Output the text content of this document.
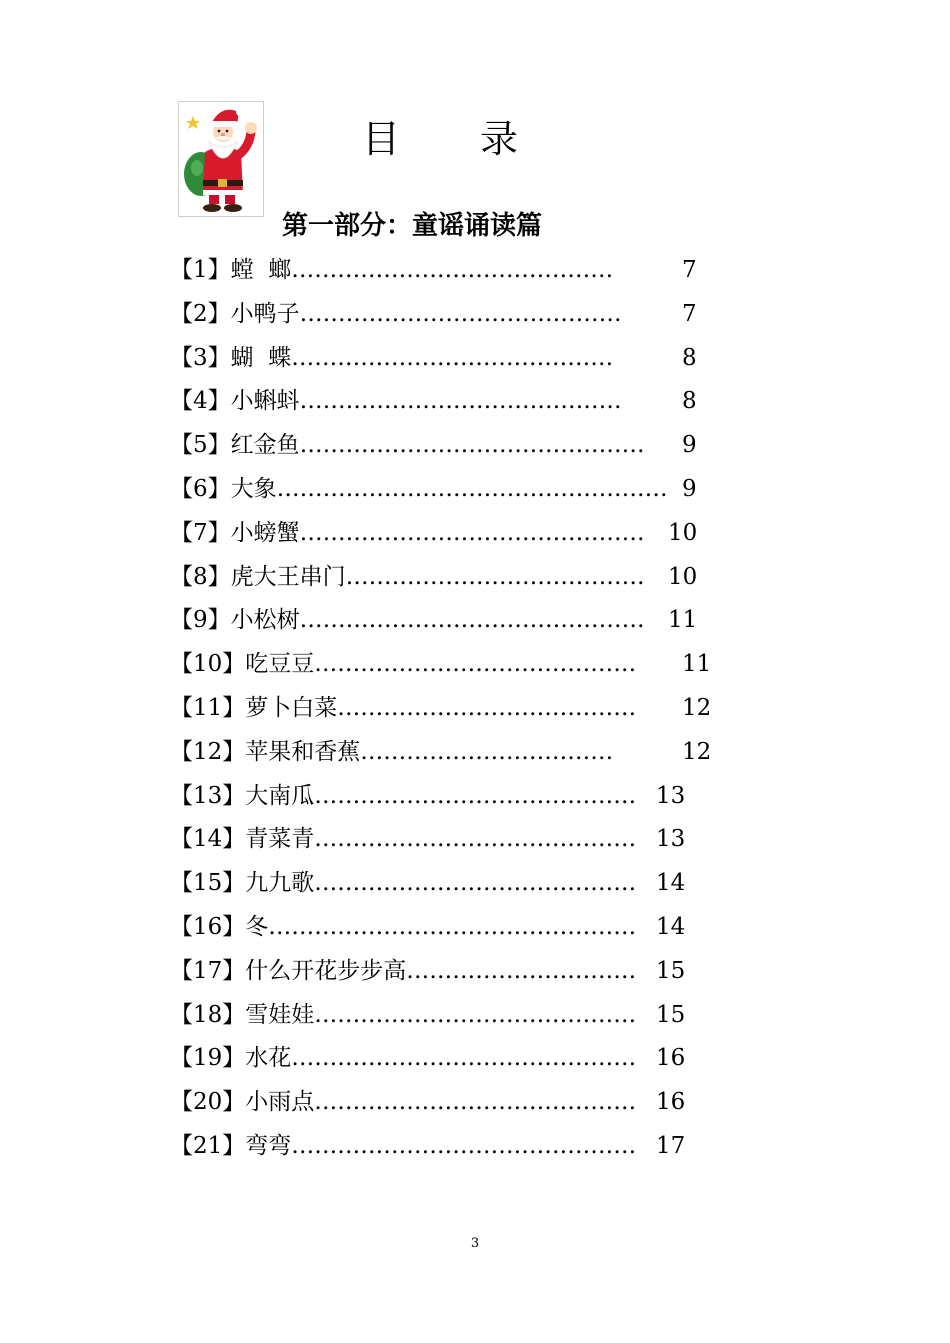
目 录
第一部分：童谣诵读篇
【1】螳  螂……………………………………	7
【2】小鸭子……………………………………	7
【3】蝴  蝶……………………………………	8
【4】小蝌蚪……………………………………	8
【5】红金鱼……………………………………… 9
【6】大象…………………………………………… 9
【7】小螃蟹……………………………………… 10
【8】虎大王串门………………………………… 10
【9】小松树……………………………………… 11
【10】吃豆豆…………………………………… 11
【11】萝卜白菜………………………………… 12
【12】苹果和香蕉……………………………	12
【13】大南瓜…………………………………… 13
【14】青菜青…………………………………… 13
【15】九九歌…………………………………… 14
【16】冬………………………………………… 14
【17】什么开花步步高………………………… 15
【18】雪娃娃…………………………………… 15
【19】水花……………………………………… 16
【20】小雨点…………………………………… 16
【21】弯弯……………………………………… 17
3
